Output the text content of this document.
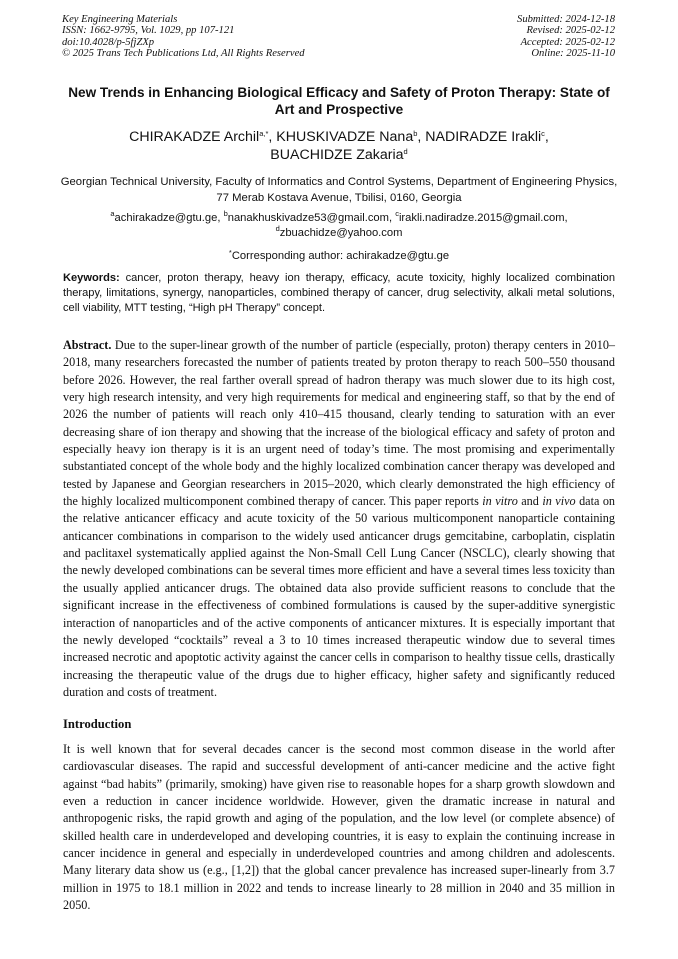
Key Engineering Materials
ISSN: 1662-9795, Vol. 1029, pp 107-121
doi:10.4028/p-5fjZXp
© 2025 Trans Tech Publications Ltd, All Rights Reserved
Submitted: 2024-12-18
Revised: 2025-02-12
Accepted: 2025-02-12
Online: 2025-11-10
New Trends in Enhancing Biological Efficacy and Safety of Proton Therapy: State of Art and Prospective
CHIRAKADZE Archil$^{a,*}$, KHUSKIVADZE Nana$^b$, NADIRADZE Irakli$^c$,
BUACHIDZE Zakaria$^d$
Georgian Technical University, Faculty of Informatics and Control Systems, Department of Engineering Physics, 77 Merab Kostava Avenue, Tbilisi, 0160, Georgia
$^a$achirakadze@gtu.ge, $^b$nanakhuskivadze53@gmail.com, $^c$irakli.nadiradze.2015@gmail.com,
$^d$zbuachidze@yahoo.com
*Corresponding author: achirakadze@gtu.ge
Keywords: cancer, proton therapy, heavy ion therapy, efficacy, acute toxicity, highly localized combination therapy, limitations, synergy, nanoparticles, combined therapy of cancer, drug selectivity, alkali metal solutions, cell viability, MTT testing, “High pH Therapy” concept.
Abstract. Due to the super-linear growth of the number of particle (especially, proton) therapy centers in 2010–2018, many researchers forecasted the number of patients treated by proton therapy to reach 500–550 thousand before 2026. However, the real farther overall spread of hadron therapy was much slower due to its high cost, very high research intensity, and very high requirements for medical and engineering staff, so that by the end of 2026 the number of patients will reach only 410–415 thousand, clearly tending to saturation with an ever decreasing share of ion therapy and showing that the increase of the biological efficacy and safety of proton and especially heavy ion therapy is it is an urgent need of today’s time. The most promising and experimentally substantiated concept of the whole body and the highly localized combination cancer therapy was developed and tested by Japanese and Georgian researchers in 2015–2020, which clearly demonstrated the high efficiency of the highly localized multicomponent combined therapy of cancer. This paper reports in vitro and in vivo data on the relative anticancer efficacy and acute toxicity of the 50 various multicomponent nanoparticle containing anticancer combinations in comparison to the widely used anticancer drugs gemcitabine, carboplatin, cisplatin and paclitaxel systematically applied against the Non-Small Cell Lung Cancer (NSCLC), clearly showing that the newly developed combinations can be several times more efficient and have a several times less toxicity than the usually applied anticancer drugs. The obtained data also provide sufficient reasons to conclude that the significant increase in the effectiveness of combined formulations is caused by the super-additive synergistic interaction of nanoparticles and of the active components of anticancer mixtures. It is especially important that the newly developed “cocktails” reveal a 3 to 10 times increased therapeutic window due to several times increased necrotic and apoptotic activity against the cancer cells in comparison to healthy tissue cells, drastically increasing the therapeutic value of the drugs due to higher efficacy, higher safety and significantly reduced duration and costs of treatment.
Introduction
It is well known that for several decades cancer is the second most common disease in the world after cardiovascular diseases. The rapid and successful development of anti-cancer medicine and the active fight against “bad habits” (primarily, smoking) have given rise to reasonable hopes for a sharp growth slowdown and even a reduction in cancer incidence worldwide. However, given the dramatic increase in natural and anthropogenic risks, the rapid growth and aging of the population, and the low level (or complete absence) of skilled health care in underdeveloped and developing countries, it is easy to explain the continuing increase in cancer incidence in general and especially in underdeveloped countries and among children and adolescents. Many literary data show us (e.g., [1,2]) that the global cancer prevalence has increased super-linearly from 3.7 million in 1975 to 18.1 million in 2022 and tends to increase linearly to 28 million in 2040 and 35 million in 2050.
